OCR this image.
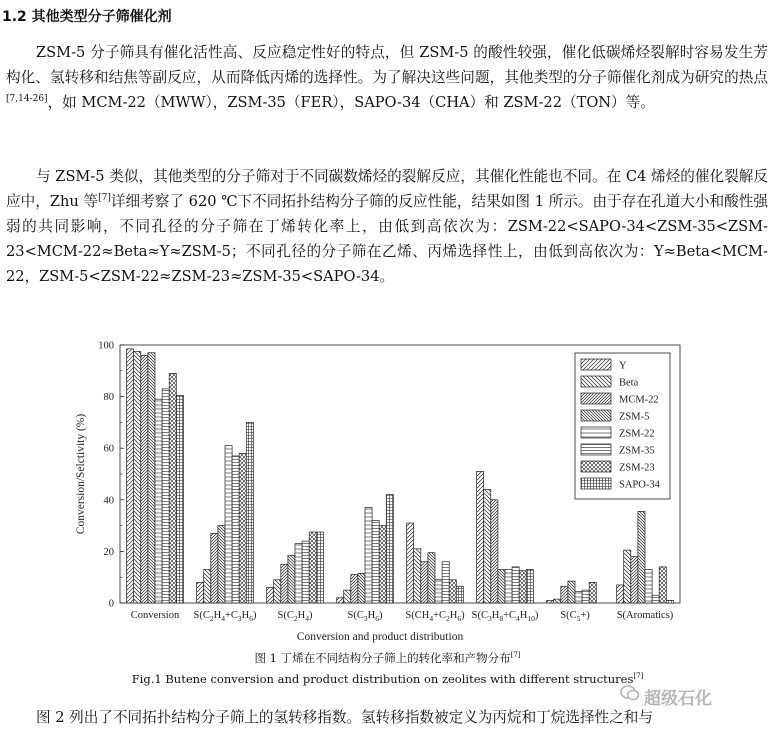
1.2 其他类型分子筛催化剂

ZSM-5 分子筛具有催化活性高、反应稳定性好的特点，但 ZSM-5 的酸性较强，催化低碳烯烃裂解时容易发生芳构化、氢转移和结焦等副反应，从而降低丙烯的选择性。为了解决这些问题，其他类型的分子筛催化剂成为研究的热点[7,14-26]，如 MCM-22（MWW），ZSM-35（FER），SAPO-34（CHA）和 ZSM-22（TON）等。

与 ZSM-5 类似，其他类型的分子筛对于不同碳数烯烃的裂解反应，其催化性能也不同。在 C4 烯烃的催化裂解反应中，Zhu 等[7]详细考察了 620 ℃下不同拓扑结构分子筛的反应性能，结果如图 1 所示。由于存在孔道大小和酸性强弱的共同影响，不同孔径的分子筛在丁烯转化率上，由低到高依次为：ZSM-22<SAPO-34<ZSM-35<ZSM-23<MCM-22≈Beta≈Y≈ZSM-5；不同孔径的分子筛在乙烯、丙烯选择性上，由低到高依次为：Y≈Beta<MCM-22，ZSM-5<ZSM-22≈ZSM-23≈ZSM-35<SAPO-34。

0
20
40
60
80
100
Conversion/Selctivity (%)
Conversion and product distribution
Conversion $S(C_2H_4+C_3H_6)$ $S(C_2H_4)$	$S(C_3H_6)$ $S(CH_4+C_2H_6)$ $S(C_3H_8+C_4H_{10})$ $S(C_5+)$	S(Aromatics)
Y
Beta
MCM-22
ZSM-5
ZSM-22
ZSM-35
ZSM-23
SAPO-34
图 1 丁烯在不同结构分子筛上的转化率和产物分布[7]
Fig.1 Butene conversion and product distribution on zeolites with different structures[7]
超级石化

图 2 列出了不同拓扑结构分子筛上的氢转移指数。氢转移指数被定义为丙烷和丁烷选择性之和与
